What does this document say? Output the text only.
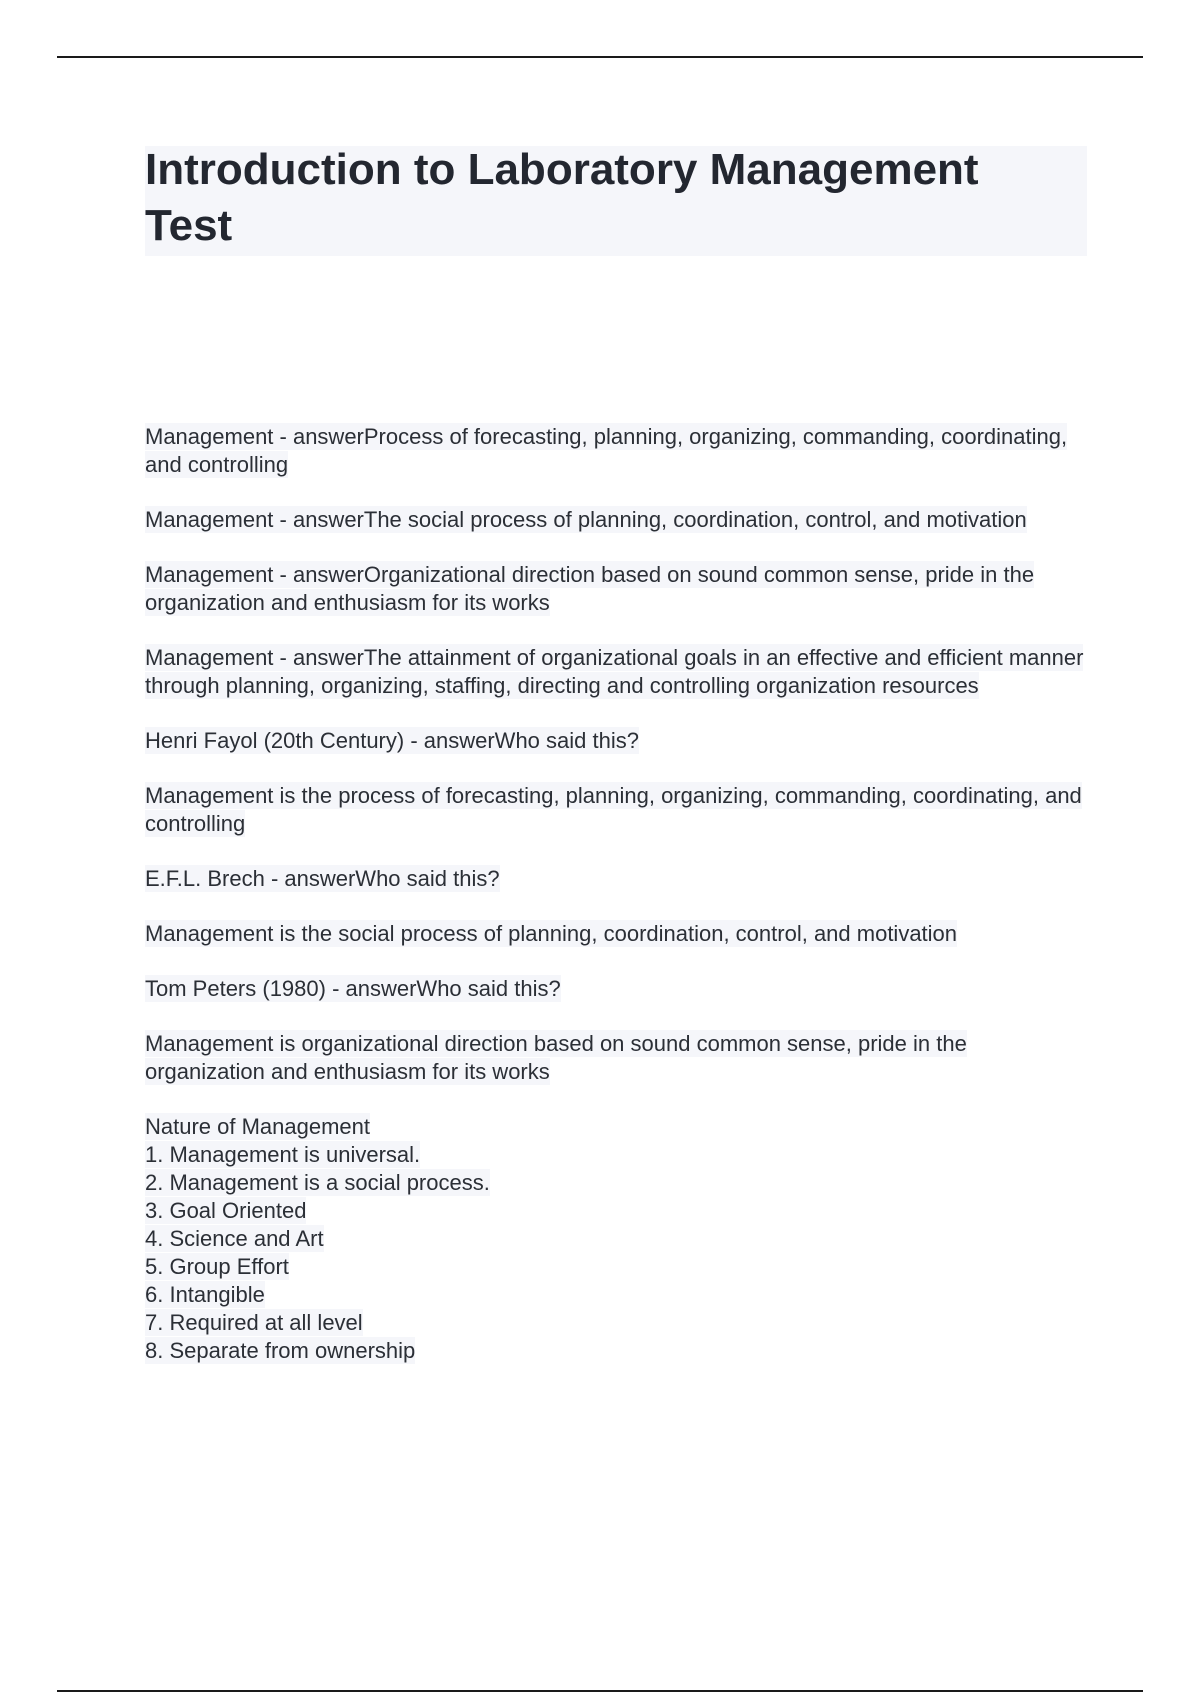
Introduction to Laboratory Management Test

Management - answerProcess of forecasting, planning, organizing, commanding, coordinating, and controlling

Management - answerThe social process of planning, coordination, control, and motivation

Management - answerOrganizational direction based on sound common sense, pride in the organization and enthusiasm for its works

Management - answerThe attainment of organizational goals in an effective and efficient manner through planning, organizing, staffing, directing and controlling organization resources

Henri Fayol (20th Century) - answerWho said this?

Management is the process of forecasting, planning, organizing, commanding, coordinating, and controlling

E.F.L. Brech - answerWho said this?

Management is the social process of planning, coordination, control, and motivation

Tom Peters (1980) - answerWho said this?

Management is organizational direction based on sound common sense, pride in the organization and enthusiasm for its works

Nature of Management
1. Management is universal.
2. Management is a social process.
3. Goal Oriented
4. Science and Art
5. Group Effort
6. Intangible
7. Required at all level
8. Separate from ownership
